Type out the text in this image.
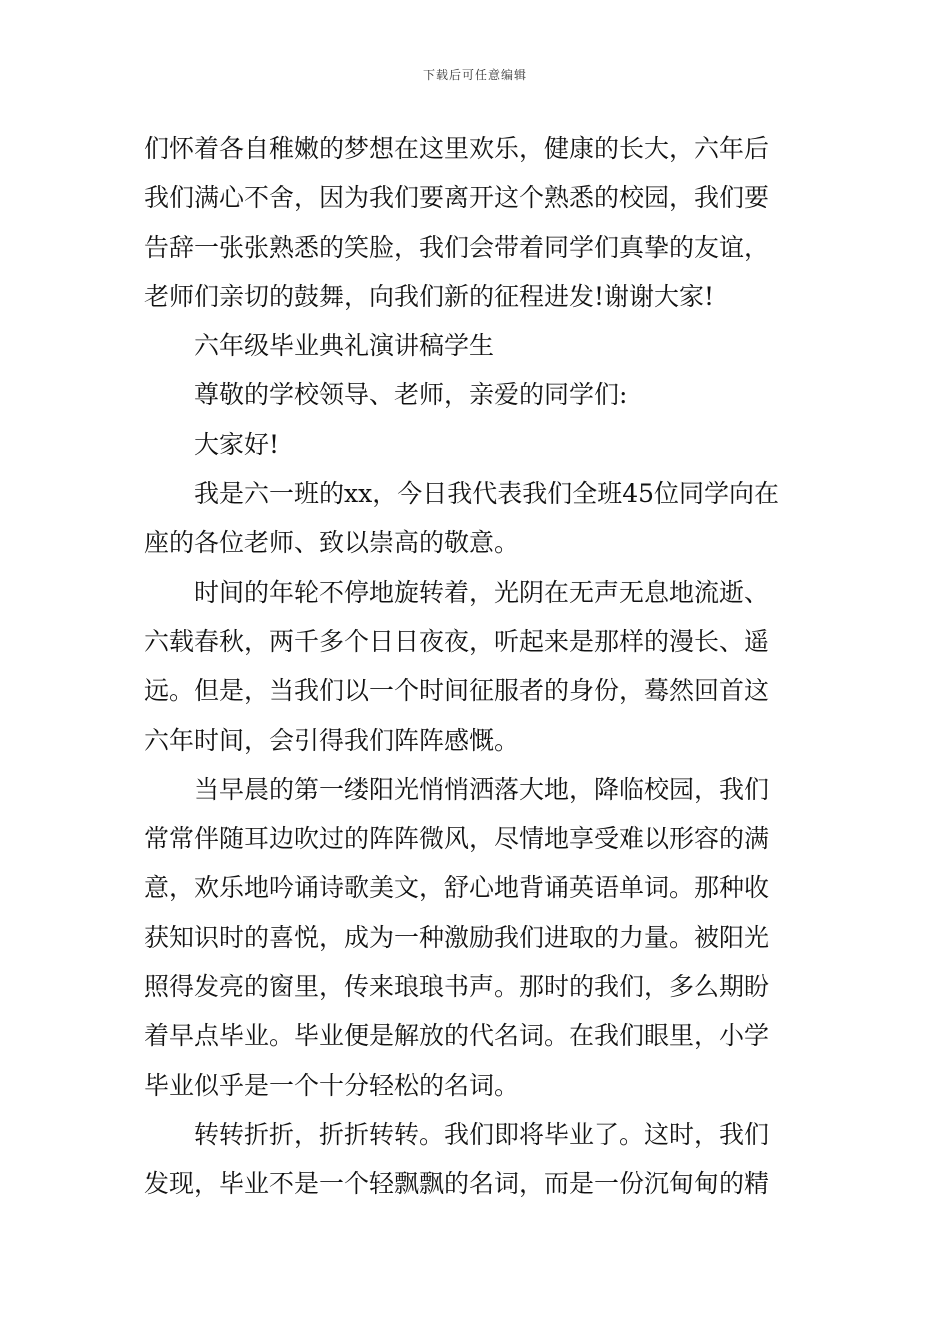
下载后可任意编辑
们怀着各自稚嫩的梦想在这里欢乐，健康的长大，六年后
我们满心不舍，因为我们要离开这个熟悉的校园，我们要
告辞一张张熟悉的笑脸，我们会带着同学们真挚的友谊，
老师们亲切的鼓舞，向我们新的征程进发!谢谢大家!
六年级毕业典礼演讲稿学生
尊敬的学校领导、老师，亲爱的同学们:
大家好!
我是六一班的xx，今日我代表我们全班45位同学向在
座的各位老师、致以崇高的敬意。
时间的年轮不停地旋转着，光阴在无声无息地流逝、
六载春秋，两千多个日日夜夜，听起来是那样的漫长、遥
远。但是，当我们以一个时间征服者的身份，蓦然回首这
六年时间，会引得我们阵阵感慨。
当早晨的第一缕阳光悄悄洒落大地，降临校园，我们
常常伴随耳边吹过的阵阵微风，尽情地享受难以形容的满
意，欢乐地吟诵诗歌美文，舒心地背诵英语单词。那种收
获知识时的喜悦，成为一种激励我们进取的力量。被阳光
照得发亮的窗里，传来琅琅书声。那时的我们，多么期盼
着早点毕业。毕业便是解放的代名词。在我们眼里，小学
毕业似乎是一个十分轻松的名词。
转转折折，折折转转。我们即将毕业了。这时，我们
发现，毕业不是一个轻飘飘的名词，而是一份沉甸甸的精
